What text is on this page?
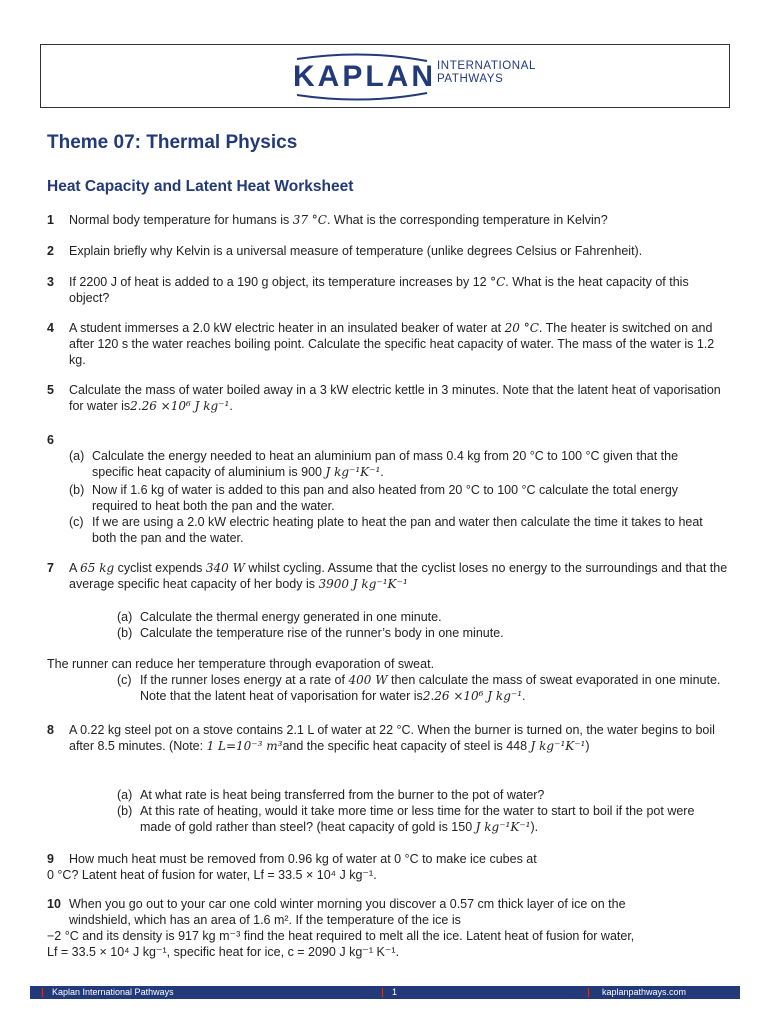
KAPLAN INTERNATIONAL
PATHWAYS
Theme 07: Thermal Physics
Heat Capacity and Latent Heat Worksheet
1 Normal body temperature for humans is 37 °C. What is the corresponding temperature in Kelvin?
2 Explain briefly why Kelvin is a universal measure of temperature (unlike degrees Celsius or Fahrenheit).
3 If 2200 J of heat is added to a 190 g object, its temperature increases by 12 °C. What is the heat capacity of this object?
4 A student immerses a 2.0 kW electric heater in an insulated beaker of water at 20 °C. The heater is switched on and after 120 s the water reaches boiling point. Calculate the specific heat capacity of water. The mass of the water is 1.2 kg.
5 Calculate the mass of water boiled away in a 3 kW electric kettle in 3 minutes. Note that the latent heat of vaporisation for water is2.26 ×10⁶ J kg⁻¹.
6
(a) Calculate the energy needed to heat an aluminium pan of mass 0.4 kg from 20 °C to 100 °C given that the specific heat capacity of aluminium is 900 J kg⁻¹K⁻¹.
(b) Now if 1.6 kg of water is added to this pan and also heated from 20 °C to 100 °C calculate the total energy required to heat both the pan and the water.
(c) If we are using a 2.0 kW electric heating plate to heat the pan and water then calculate the time it takes to heat both the pan and the water.
7 A 65 kg cyclist expends 340 W whilst cycling. Assume that the cyclist loses no energy to the surroundings and that the average specific heat capacity of her body is 3900 J kg⁻¹K⁻¹
(a) Calculate the thermal energy generated in one minute.
(b) Calculate the temperature rise of the runner’s body in one minute.
The runner can reduce her temperature through evaporation of sweat.
(c) If the runner loses energy at a rate of 400 W then calculate the mass of sweat evaporated in one minute. Note that the latent heat of vaporisation for water is2.26 ×10⁶ J kg⁻¹.
8 A 0.22 kg steel pot on a stove contains 2.1 L of water at 22 °C. When the burner is turned on, the water begins to boil after 8.5 minutes. (Note: 1 L=10⁻³ m³and the specific heat capacity of steel is 448 J kg⁻¹K⁻¹)
(a) At what rate is heat being transferred from the burner to the pot of water?
(b) At this rate of heating, would it take more time or less time for the water to start to boil if the pot were made of gold rather than steel? (heat capacity of gold is 150 J kg⁻¹K⁻¹).
9 How much heat must be removed from 0.96 kg of water at 0 °C to make ice cubes at
0 °C? Latent heat of fusion for water, Lf = 33.5 × 10⁴ J kg⁻¹.
10 When you go out to your car one cold winter morning you discover a 0.57 cm thick layer of ice on the
windshield, which has an area of 1.6 m². If the temperature of the ice is
−2 °C and its density is 917 kg m⁻³ find the heat required to melt all the ice. Latent heat of fusion for water,
Lf = 33.5 × 10⁴ J kg⁻¹, specific heat for ice, c = 2090 J kg⁻¹ K⁻¹.
Kaplan International Pathways	1	kaplanpathways.com
